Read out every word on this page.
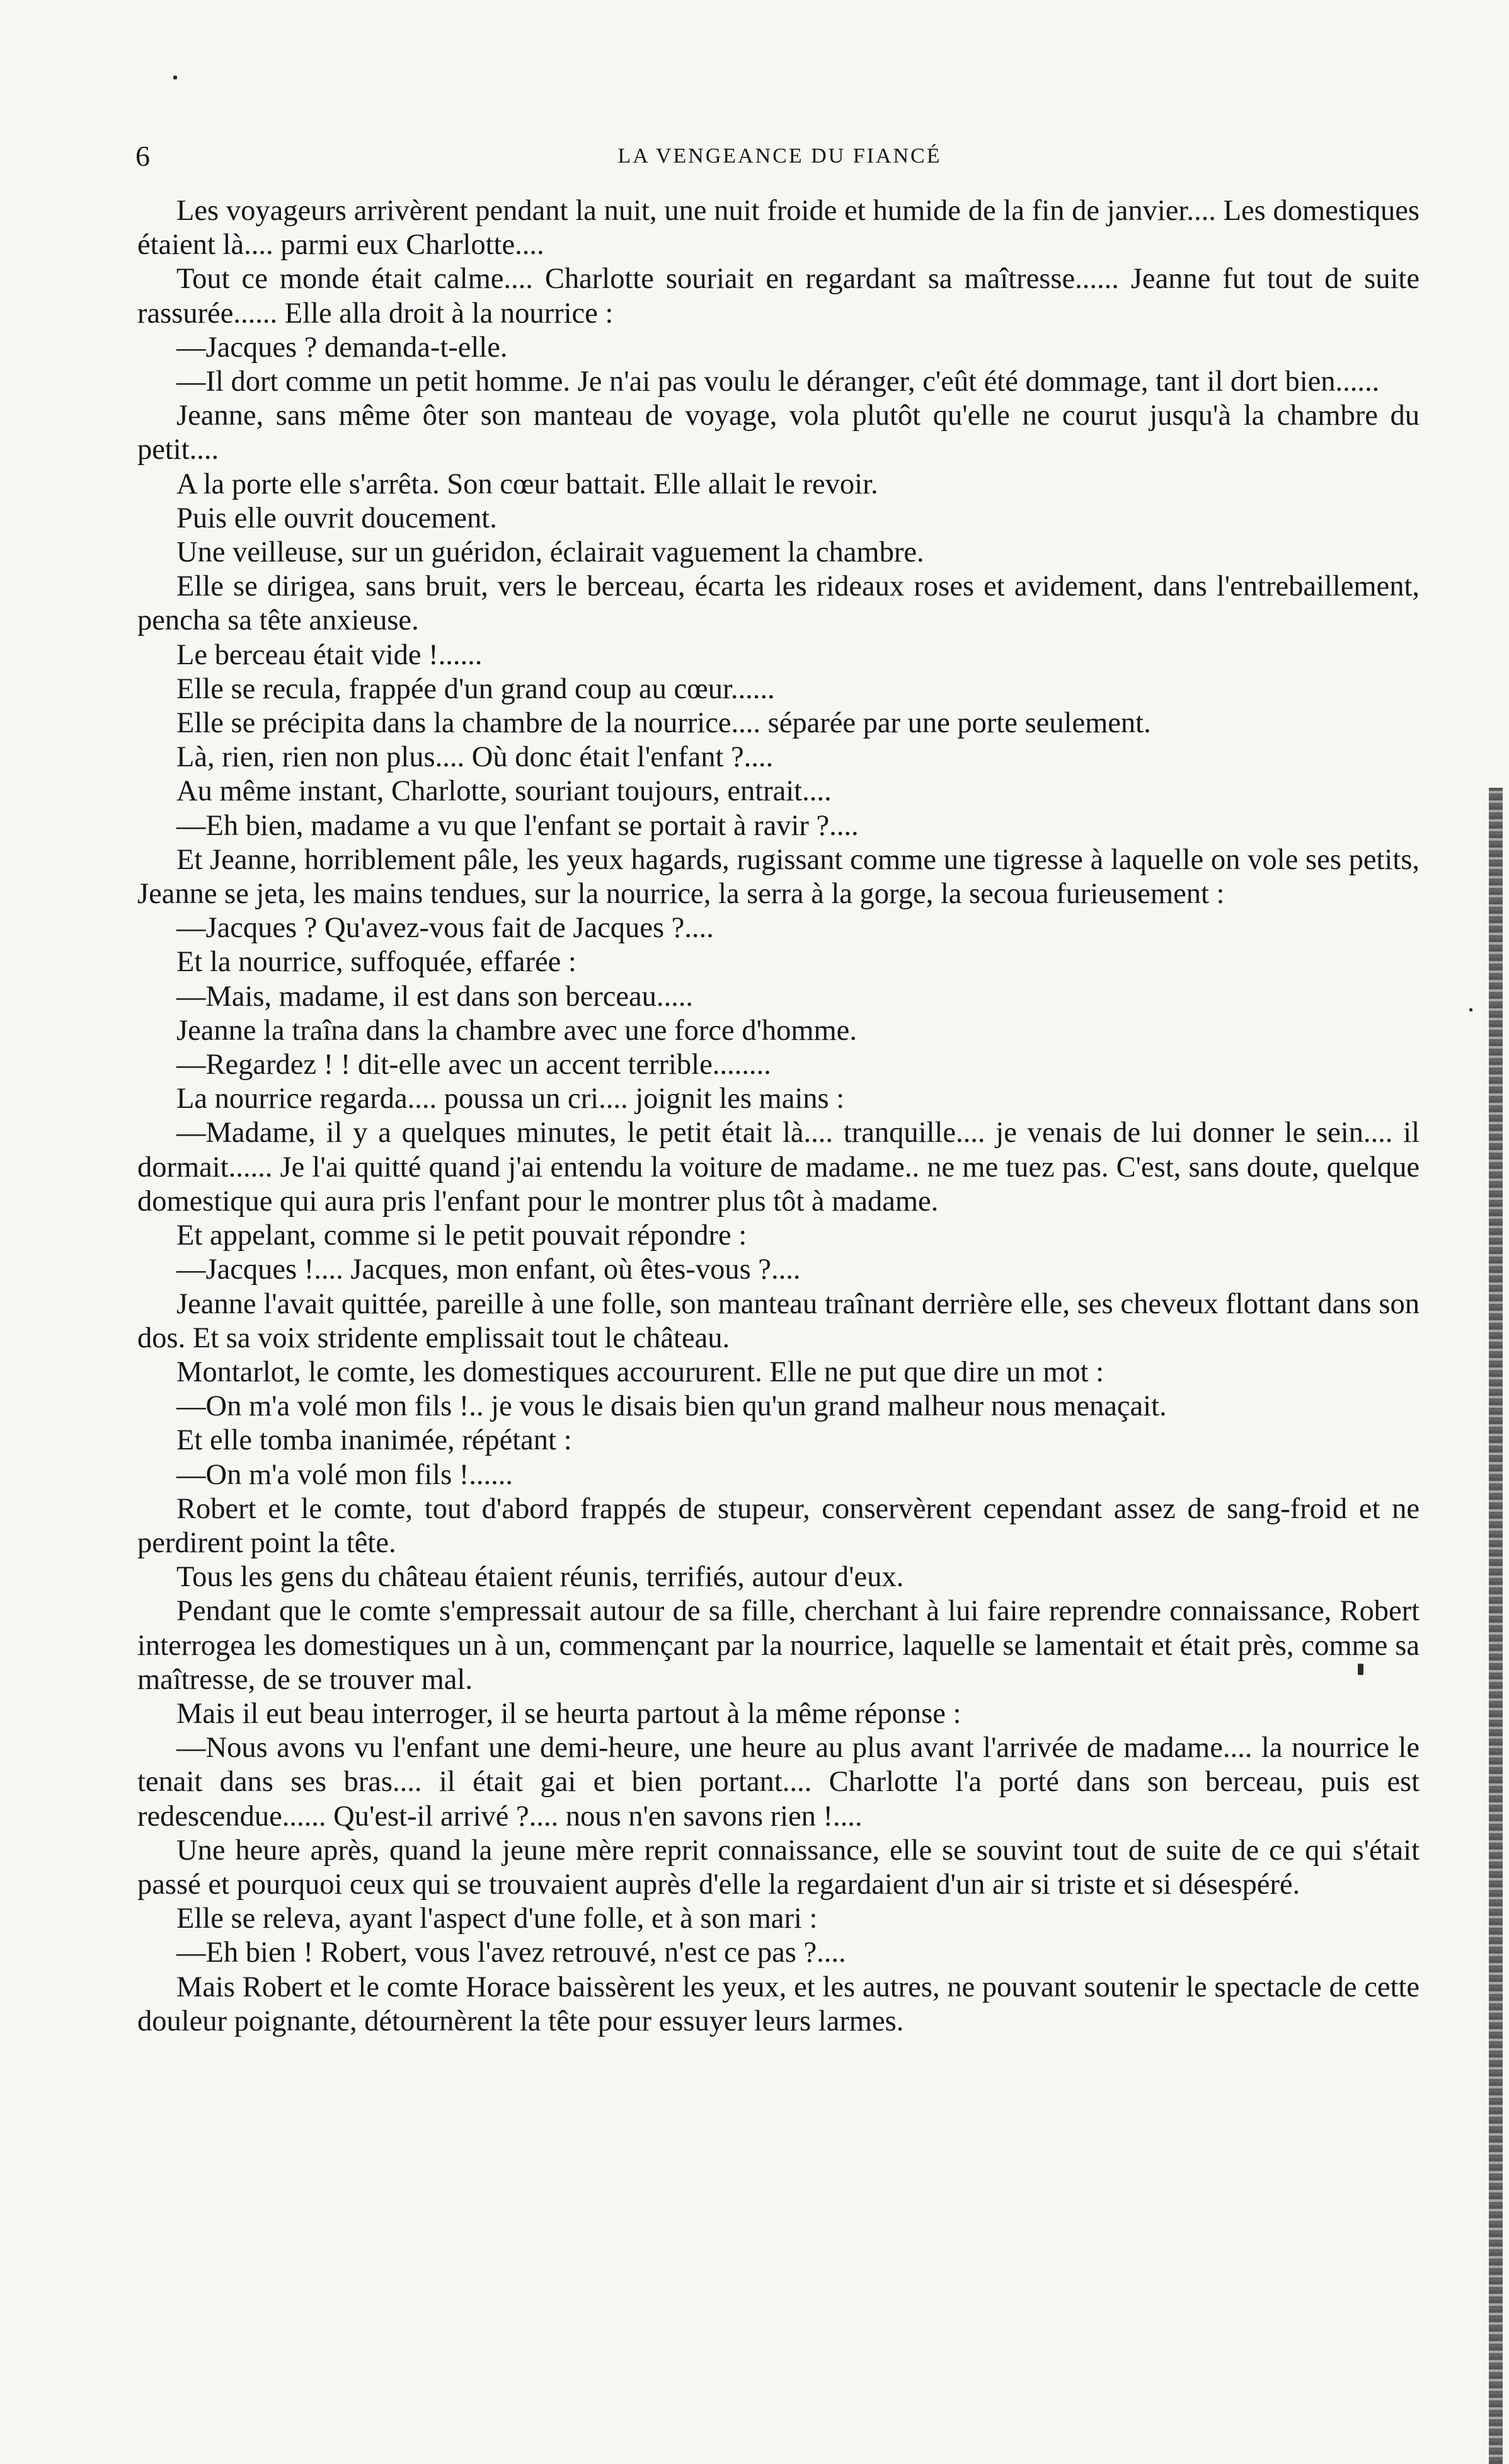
6	LA VENGEANCE DU FIANCÉ

Les voyageurs arrivèrent pendant la nuit, une nuit froide et humide de la fin de janvier.... Les domestiques étaient là.... parmi eux Charlotte....

Tout ce monde était calme.... Charlotte souriait en regardant sa maîtresse...... Jeanne fut tout de suite rassurée...... Elle alla droit à la nourrice :

—Jacques ? demanda-t-elle.

—Il dort comme un petit homme. Je n'ai pas voulu le déranger, c'eût été dommage, tant il dort bien......

Jeanne, sans même ôter son manteau de voyage, vola plutôt qu'elle ne courut jusqu'à la chambre du petit....

A la porte elle s'arrêta. Son cœur battait. Elle allait le revoir.

Puis elle ouvrit doucement.

Une veilleuse, sur un guéridon, éclairait vaguement la chambre.

Elle se dirigea, sans bruit, vers le berceau, écarta les rideaux roses et avidement, dans l'entrebaillement, pencha sa tête anxieuse.

Le berceau était vide !......

Elle se recula, frappée d'un grand coup au cœur......

Elle se précipita dans la chambre de la nourrice.... séparée par une porte seulement.

Là, rien, rien non plus.... Où donc était l'enfant ?....

Au même instant, Charlotte, souriant toujours, entrait....

—Eh bien, madame a vu que l'enfant se portait à ravir ?....

Et Jeanne, horriblement pâle, les yeux hagards, rugissant comme une tigresse à laquelle on vole ses petits, Jeanne se jeta, les mains tendues, sur la nourrice, la serra à la gorge, la secoua furieusement :

—Jacques ? Qu'avez-vous fait de Jacques ?....

Et la nourrice, suffoquée, effarée :

—Mais, madame, il est dans son berceau.....

Jeanne la traîna dans la chambre avec une force d'homme.

—Regardez ! ! dit-elle avec un accent terrible........

La nourrice regarda.... poussa un cri.... joignit les mains :

—Madame, il y a quelques minutes, le petit était là.... tranquille.... je venais de lui donner le sein.... il dormait...... Je l'ai quitté quand j'ai entendu la voiture de madame.. ne me tuez pas. C'est, sans doute, quelque domestique qui aura pris l'enfant pour le montrer plus tôt à madame.

Et appelant, comme si le petit pouvait répondre :

—Jacques !.... Jacques, mon enfant, où êtes-vous ?....

Jeanne l'avait quittée, pareille à une folle, son manteau traînant derrière elle, ses cheveux flottant dans son dos. Et sa voix stridente emplissait tout le château.

Montarlot, le comte, les domestiques accoururent. Elle ne put que dire un mot :

—On m'a volé mon fils !.. je vous le disais bien qu'un grand malheur nous menaçait.

Et elle tomba inanimée, répétant :

—On m'a volé mon fils !......

Robert et le comte, tout d'abord frappés de stupeur, conservèrent cependant assez de sang-froid et ne perdirent point la tête.

Tous les gens du château étaient réunis, terrifiés, autour d'eux.

Pendant que le comte s'empressait autour de sa fille, cherchant à lui faire reprendre connaissance, Robert interrogea les domestiques un à un, commençant par la nourrice, laquelle se lamentait et était près, comme sa maîtresse, de se trouver mal.

Mais il eut beau interroger, il se heurta partout à la même réponse :

—Nous avons vu l'enfant une demi-heure, une heure au plus avant l'arrivée de madame.... la nourrice le tenait dans ses bras.... il était gai et bien portant.... Charlotte l'a porté dans son berceau, puis est redescendue...... Qu'est-il arrivé ?.... nous n'en savons rien !....

Une heure après, quand la jeune mère reprit connaissance, elle se souvint tout de suite de ce qui s'était passé et pourquoi ceux qui se trouvaient auprès d'elle la regardaient d'un air si triste et si désespéré.

Elle se releva, ayant l'aspect d'une folle, et à son mari :

—Eh bien ! Robert, vous l'avez retrouvé, n'est ce pas ?....

Mais Robert et le comte Horace baissèrent les yeux, et les autres, ne pouvant soutenir le spectacle de cette douleur poignante, détournèrent la tête pour essuyer leurs larmes.
